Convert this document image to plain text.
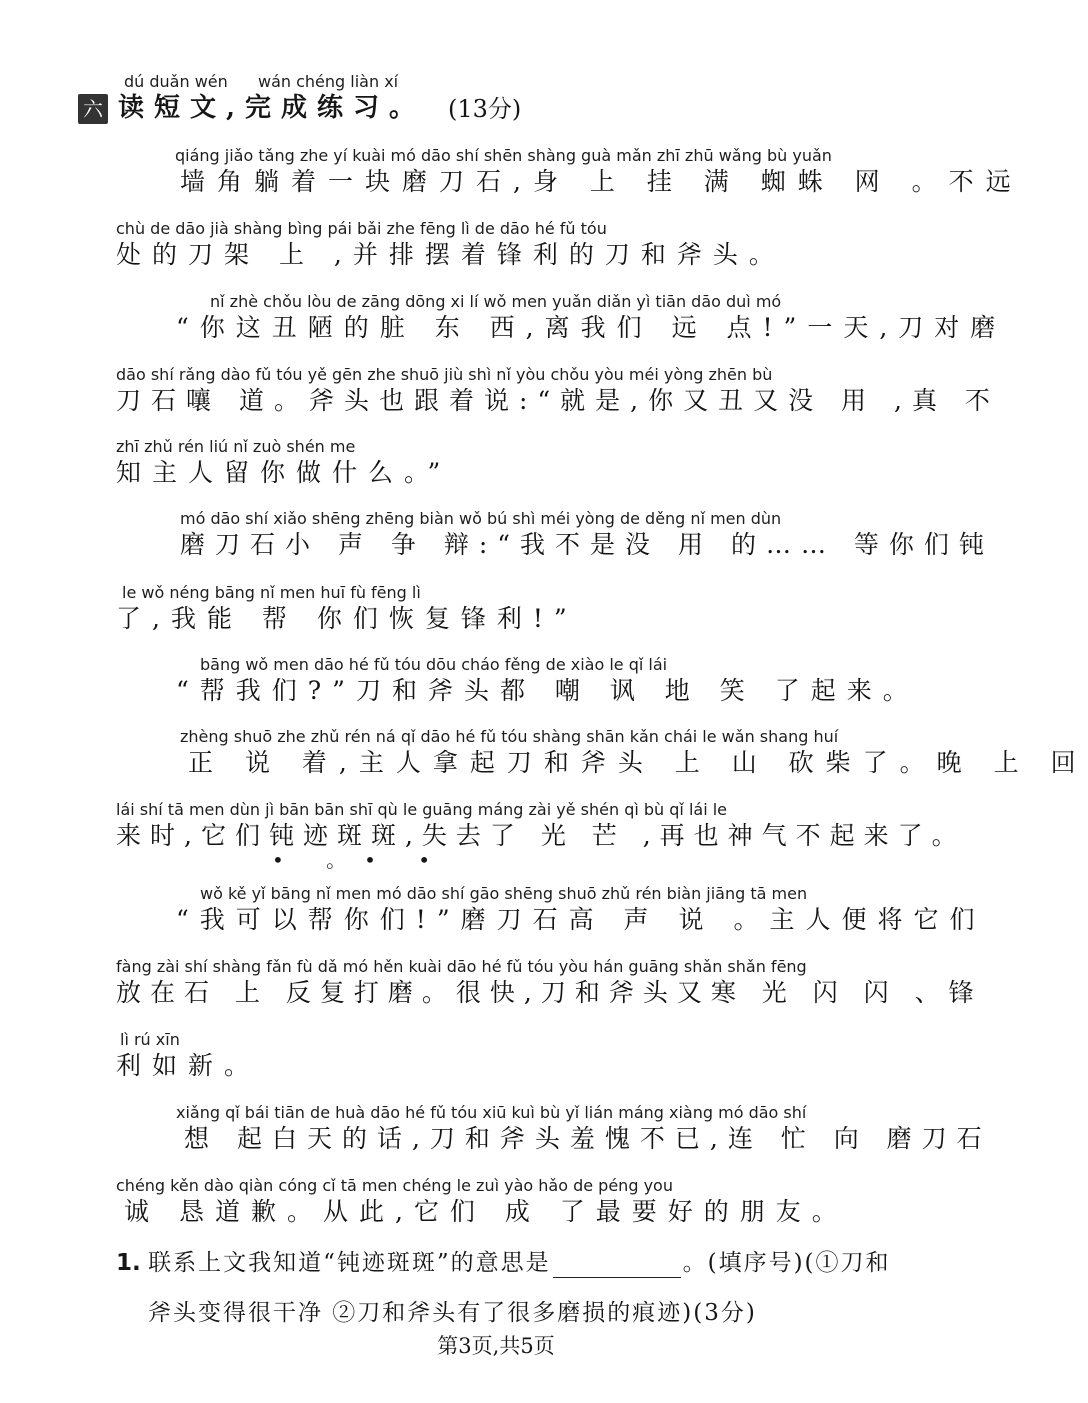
dú duǎn wén wán chéng liàn xí
六 读短文,完成练习。 (13分)
qiáng jiǎo tǎng zhe yí kuài mó dāo shí shēn shàng guà mǎn zhī zhū wǎng bù yuǎn
墙角躺着一块磨刀石,身 上 挂 满 蜘蛛 网 。不远
chù de dāo jià shàng bìng pái bǎi zhe fēng lì de dāo hé fǔ tóu
处的刀架 上 ,并排摆着锋利的刀和斧头。
nǐ zhè chǒu lòu de zāng dōng xi lí wǒ men yuǎn diǎn yì tiān dāo duì mó
“你这丑陋的脏 东 西,离我们 远 点!”一天,刀对磨
dāo shí rǎng dào fǔ tóu yě gēn zhe shuō jiù shì nǐ yòu chǒu yòu méi yòng zhēn bù
刀石嚷 道。斧头也跟着说:“就是,你又丑又没 用 ,真 不
zhī zhǔ rén liú nǐ zuò shén me
知主人留你做什么。”
mó dāo shí xiǎo shēng zhēng biàn wǒ bú shì méi yòng de děng nǐ men dùn
磨刀石小 声 争 辩:“我不是没 用 的…… 等你们钝
le wǒ néng bāng nǐ men huī fù fēng lì
了,我能 帮 你们恢复锋利!”
bāng wǒ men dāo hé fǔ tóu dōu cháo fěng de xiào le qǐ lái
“帮我们?”刀和斧头都 嘲 讽 地 笑 了起来。
zhèng shuō zhe zhǔ rén ná qǐ dāo hé fǔ tóu shàng shān kǎn chái le wǎn shang huí
正 说 着,主人拿起刀和斧头 上 山 砍柴了。晚 上 回
lái shí tā men dùn jì bān bān shī qù le guāng máng zài yě shén qì bù qǐ lái le
来时,它们钝迹斑斑,失去了 光 芒 ,再也神气不起来了。
• 。• •
wǒ kě yǐ bāng nǐ men mó dāo shí gāo shēng shuō zhǔ rén biàn jiāng tā men
“我可以帮你们!”磨刀石高 声 说 。主人便将它们
fàng zài shí shàng fǎn fù dǎ mó hěn kuài dāo hé fǔ tóu yòu hán guāng shǎn shǎn fēng
放在石 上 反复打磨。很快,刀和斧头又寒 光 闪 闪 、锋
lì rú xīn
利如新。
xiǎng qǐ bái tiān de huà dāo hé fǔ tóu xiū kuì bù yǐ lián máng xiàng mó dāo shí
想 起白天的话,刀和斧头羞愧不已,连 忙 向 磨刀石
chéng kěn dào qiàn cóng cǐ tā men chéng le zuì yào hǎo de péng you
诚 恳道歉。从此,它们 成 了最要好的朋友。
1. 联系上文我知道“钝迹斑斑”的意思是	。(填序号)(①刀和
斧头变得很干净 ②刀和斧头有了很多磨损的痕迹)(3分)
第3页,共5页
